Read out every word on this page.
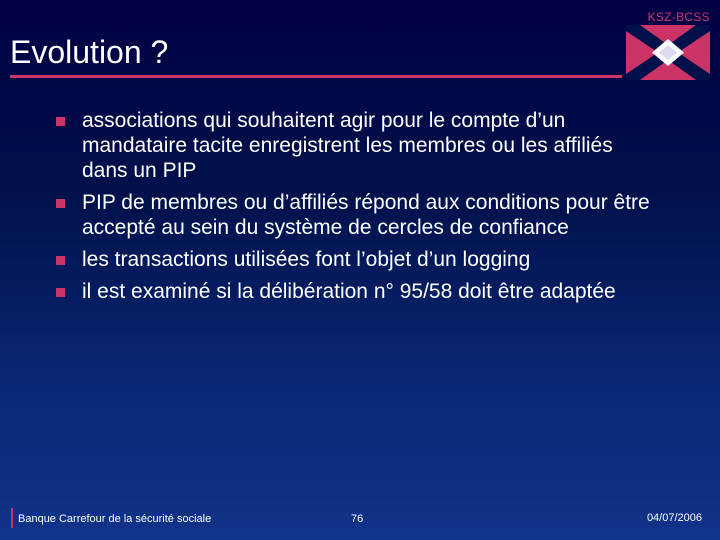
KSZ-BCSS
Evolution ?
associations qui souhaitent agir pour le compte d’un mandataire tacite enregistrent les membres ou les affiliés dans un PIP
PIP de membres ou d’affiliés répond aux conditions pour être accepté au sein du système de cercles de confiance
les transactions utilisées font l’objet d’un logging
il est examiné si la délibération n° 95/58 doit être adaptée
Banque Carrefour de la sécurité sociale	76	04/07/2006
